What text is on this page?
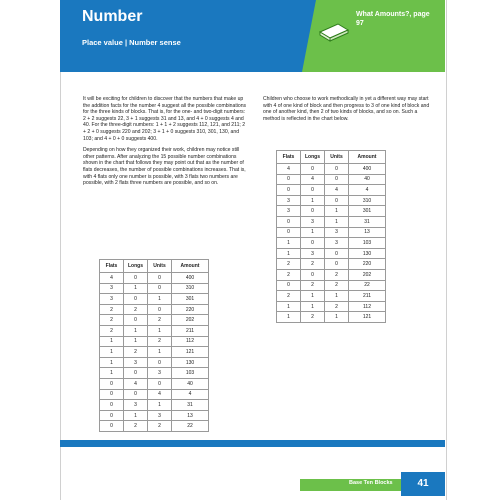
Number
Place value | Number sense
What Amounts?, page 97

It will be exciting for children to discover that the numbers that make up the addition facts for the number 4 suggest all the possible combinations for the three kinds of blocks. That is, for the one- and two-digit numbers: 2 + 2 suggests 22, 3 + 1 suggests 31 and 13, and 4 + 0 suggests 4 and 40. For the three-digit numbers: 1 + 1 + 2 suggests 112, 121, and 211; 2 + 2 + 0 suggests 220 and 202; 3 + 1 + 0 suggests 310, 301, 130, and 103; and 4 + 0 + 0 suggests 400.

Depending on how they organized their work, children may notice still other patterns. After analyzing the 15 possible number combinations shown in the chart that follows they may point out that as the number of flats decreases, the number of possible combinations increases. That is, with 4 flats only one number is possible, with 3 flats two numbers are possible, with 2 flats three numbers are possible, and so on.

Children who choose to work methodically in yet a different way may start with 4 of one kind of block and then progress to 3 of one kind of block and one of another kind, then 2 of two kinds of blocks, and so on. Such a method is reflected in the chart below.

Flats	Longs	Units	Amount
4	0	0	400
3	1	0	310
3	0	1	301
2	2	0	220
2	0	2	202
2	1	1	211
1	1	2	112
1	2	1	121
1	3	0	130
1	0	3	103
0	4	0	40
0	0	4	4
0	3	1	31
0	1	3	13
0	2	2	22
Flats	Longs	Units	Amount
4	0	0	400
0	4	0	40
0	0	4	4
3	1	0	310
3	0	1	301
0	3	1	31
0	1	3	13
1	0	3	103
1	3	0	130
2	2	0	220
2	0	2	202
0	2	2	22
2	1	1	211
1	1	2	112
1	2	1	121
Base Ten Blocks	41
